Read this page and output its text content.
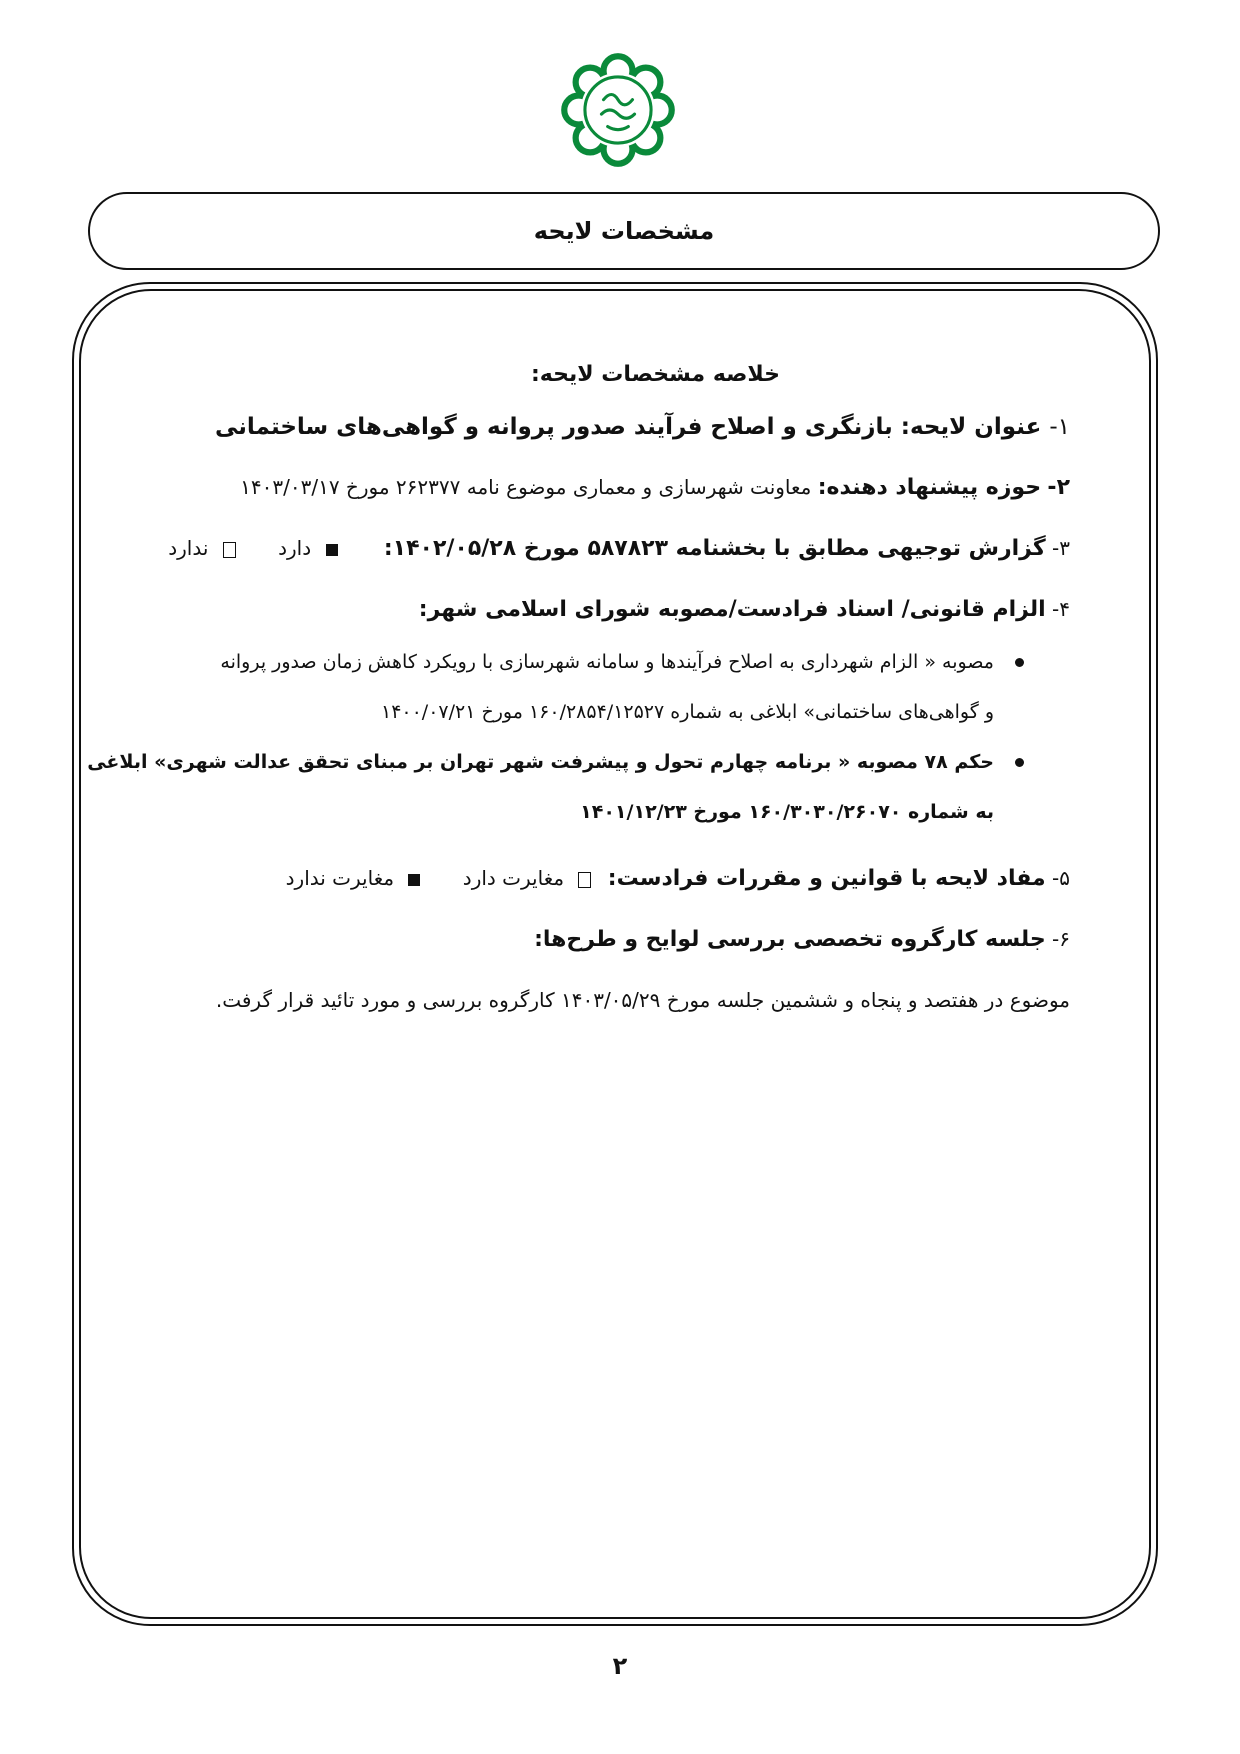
مشخصات لایحه
خلاصه مشخصات لایحه:
۱- عنوان لایحه: بازنگری و اصلاح فرآیند صدور پروانه و گواهی‌های ساختمانی
۲- حوزه پیشنهاد دهنده: معاونت شهرسازی و معماری موضوع نامه ۲۶۲۳۷۷ مورخ ۱۴۰۳/۰۳/۱۷
۳- گزارش توجیهی مطابق با بخشنامه ۵۸۷۸۲۳ مورخ ۱۴۰۲/۰۵/۲۸:  دارد  ندارد
۴- الزام قانونی/ اسناد فرادست/مصوبه شورای اسلامی شهر:
مصوبه « الزام شهرداری به اصلاح فرآیندها و سامانه شهرسازی با رویکرد کاهش زمان صدور پروانه
و گواهی‌های ساختمانی» ابلاغی به شماره ۱۶۰/۲۸۵۴/۱۲۵۲۷ مورخ ۱۴۰۰/۰۷/۲۱
حکم ۷۸ مصوبه « برنامه چهارم تحول و پیشرفت شهر تهران بر مبنای تحقق عدالت شهری» ابلاغی
به شماره ۱۶۰/۳۰۳۰/۲۶۰۷۰ مورخ ۱۴۰۱/۱۲/۲۳
۵- مفاد لایحه با قوانین و مقررات فرادست:  مغایرت دارد  مغایرت ندارد
۶- جلسه کارگروه تخصصی بررسی لوایح و طرح‌ها:
موضوع در هفتصد و پنجاه و ششمین جلسه مورخ ۱۴۰۳/۰۵/۲۹ کارگروه بررسی و مورد تائید قرار گرفت.
۲
